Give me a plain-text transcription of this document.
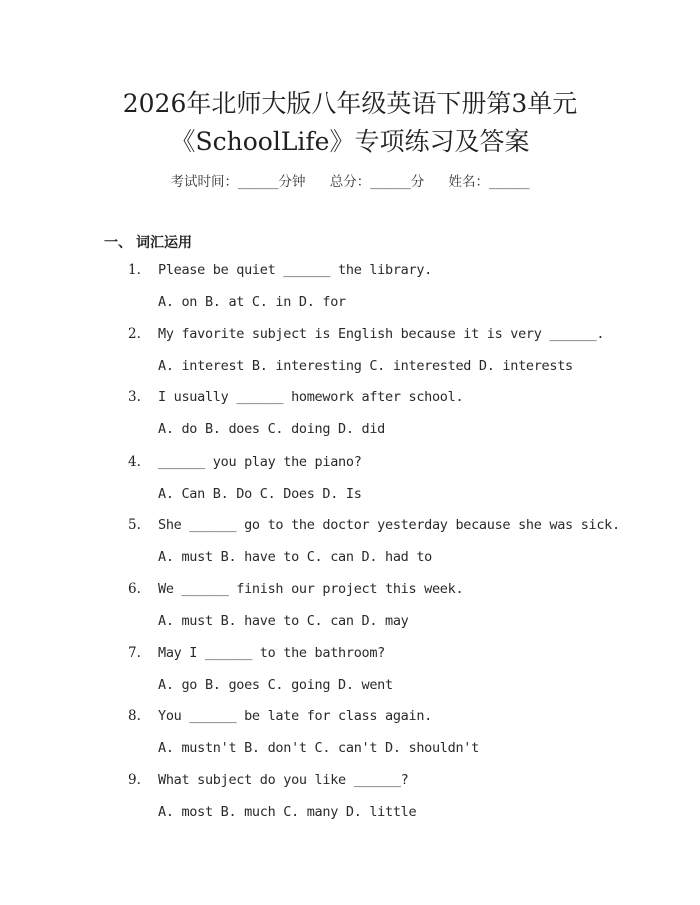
2026年北师大版八年级英语下册第3单元
《SchoolLife》专项练习及答案
考试时间：______分钟 总分：______分 姓名：______
一、 词汇运用
1. Please be quiet ______ the library.
A. on B. at C. in D. for
2. My favorite subject is English because it is very ______.
A. interest B. interesting C. interested D. interests
3. I usually ______ homework after school.
A. do B. does C. doing D. did
4. ______ you play the piano?
A. Can B. Do C. Does D. Is
5. She ______ go to the doctor yesterday because she was sick.
A. must B. have to C. can D. had to
6. We ______ finish our project this week.
A. must B. have to C. can D. may
7. May I ______ to the bathroom?
A. go B. goes C. going D. went
8. You ______ be late for class again.
A. mustn't B. don't C. can't D. shouldn't
9. What subject do you like ______?
A. most B. much C. many D. little
